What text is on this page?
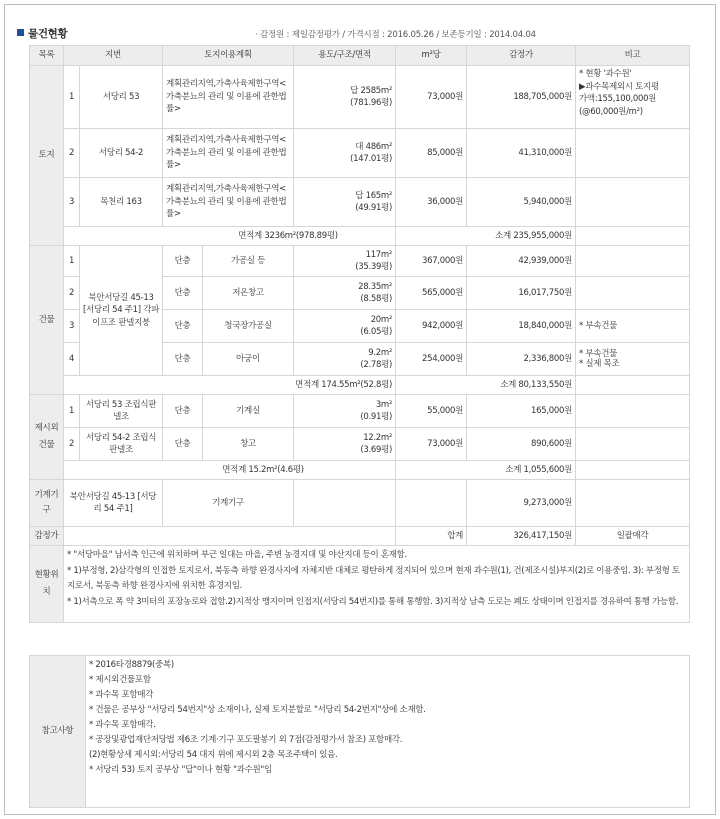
물건현황	· 감정원 : 제일감정평가 / 가격시점 : 2016.05.26 / 보존등기일 : 2014.04.04
목록	지번		토지이용계획		용도/구조/면적	m²당	감정가	비고
토지	1	서당리 53	계획관리지역,가축사육제한구역<가축분뇨의 관리 및 이용에 관한법률>		답 2585m²
(781.96평)	73,000원	188,705,000원	* 현황 '과수원'
▶과수목제외시 토지평
가액:155,100,000원
(@60,000원/m²)

	2	서당리 54-2	계획관리지역,가축사육제한구역<가축분뇨의 관리 및 이용에 관한법률>		대 486m²
(147.01평)	85,000원	41,310,000원	
	3	목천리 163	계획관리지역,가축사육제한구역<가축분뇨의 관리 및 이용에 관한법률>		답 165m²
(49.91평)	36,000원	5,940,000원	
	면적계 3236m²(978.89평)					소계 235,955,000원		
건물	1	북안서당길 45-13 [서당리 54 주1] 각파이프조 판넬지붕	단층	가공실 등	117m²
(35.39평)	367,000원	42,939,000원	
	2		단층	저온창고	28.35m²
(8.58평)	565,000원	16,017,750원	
	3		단층	청국장가공실	20m²
(6.05평)	942,000원	18,840,000원	* 부속건물
	4		단층	아궁이	9.2m²
(2.78평)	254,000원	2,336,800원	* 부속건물
* 실제 목조

	면적계 174.55m²(52.8평)					소계 80,133,550원		
제시외건물	1	서당리 53 조립식판넬조	단층	기계실	3m²
(0.91평)	55,000원	165,000원	
	2	서당리 54-2 조립식판넬조	단층	창고	12.2m²
(3.69평)	73,000원	890,600원	
	면적계 15.2m²(4.6평)					소계 1,055,600원		
기계기구	북안서당길 45-13 [서당리 54 주1]		기계기구				9,273,000원	
감정가						합계	326,417,150원	일괄매각
현황위치	* "서당마을" 남서측 인근에 위치하며 부근 일대는 마을, 주변 농경지대 및 야산지대 등이 혼재함.
* 1)부정형, 2)삼각형의 인접한 토지로서, 북동측 하향 완경사지에 자체지반 대체로 평탄하게 정지되어 있으며 현재 과수원(1), 건(제조시설)부지(2)로 이용중임. 3): 부정형 토지로서, 북동측 하향 완경사지에 위치한 휴경지임.
* 1)서측으로 폭 약 3미터의 포장농로와 접함.2)지적상 맹지이며 인접지(서당리 54번지)를 통해 통행함. 3)지적상 남측 도로는 폐도 상태이며 인접지를 경유하여 통행 가능함.							
참고사항	
* 2016타경8879(중복)
* 제시외건물포함
* 과수목 포함매각
* 건물은 공부상 "서당리 54번지"상 소재이나, 실제 토지분할로 "서당리 54-2번지"상에 소재함.
* 과수목 포함매각.
* 공장및광업재단저당법 제6조 기계·기구 포도팔봉기 외 7점(감정평가서 참조) 포함매각.
(2)현황상세 제시외:서당리 54 대지 위에 제시외 2층 목조주택이 있음.
* 서당리 53) 토지 공부상 "답"이나 현황 "과수원"임
